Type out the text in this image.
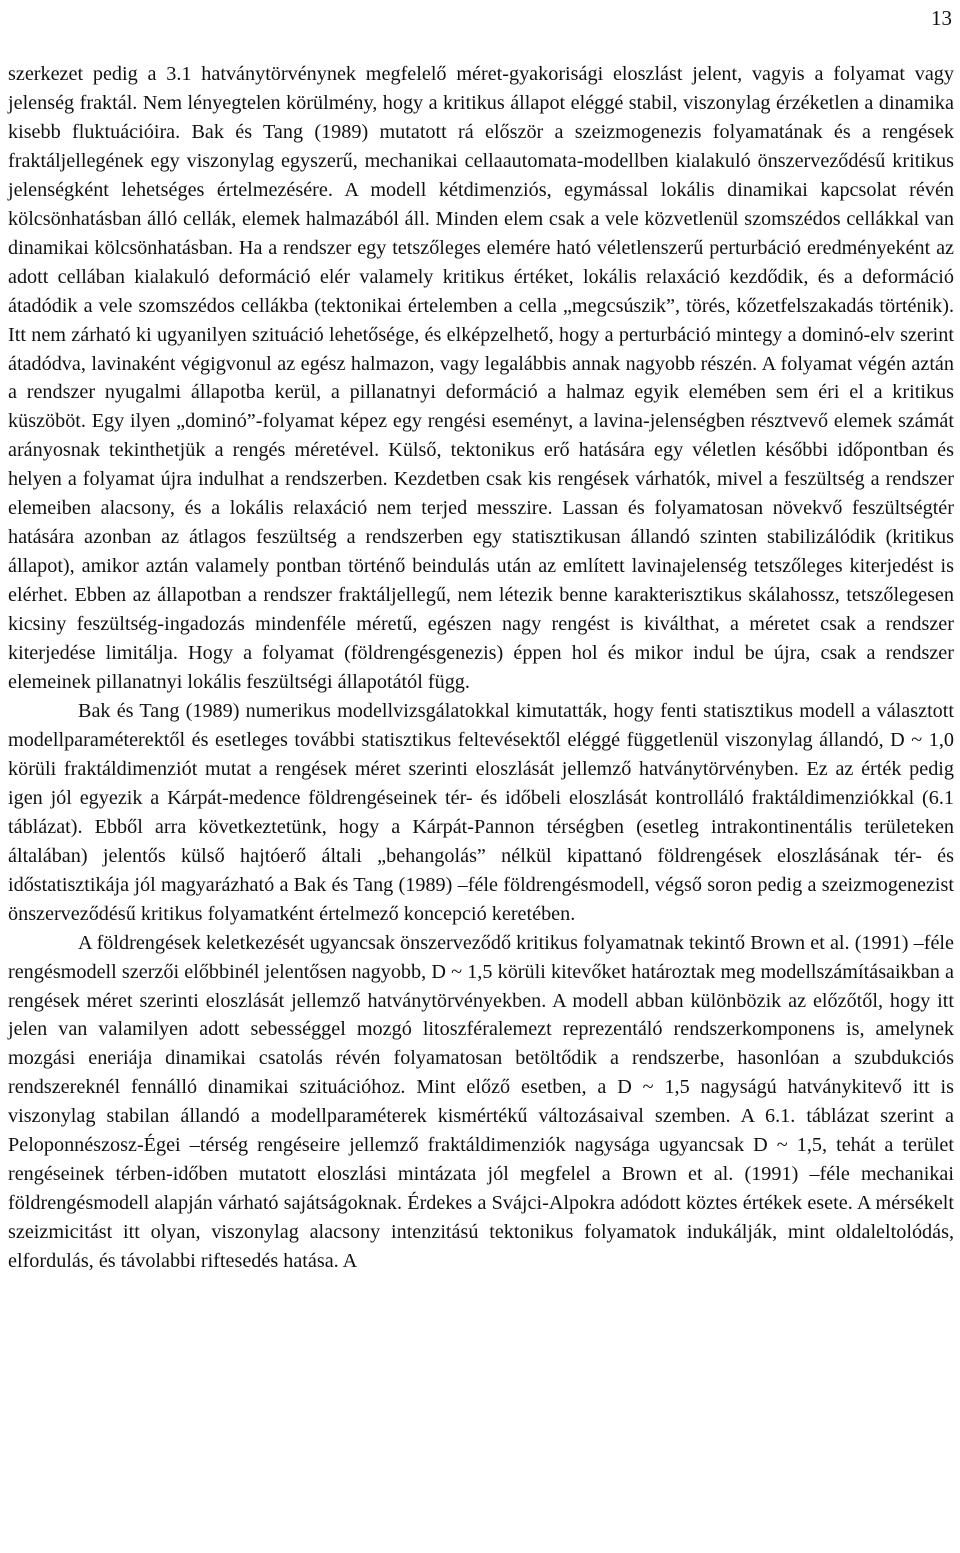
13

szerkezet pedig a 3.1 hatványtörvénynek megfelelő méret-gyakorisági eloszlást jelent, vagyis a folyamat vagy jelenség fraktál. Nem lényegtelen körülmény, hogy a kritikus állapot eléggé stabil, viszonylag érzéketlen a dinamika kisebb fluktuációira. Bak és Tang (1989) mutatott rá először a szeizmogenezis folyamatának és a rengések fraktáljellegének egy viszonylag egyszerű, mechanikai cellaautomata-modellben kialakuló önszerveződésű kritikus jelenségként lehetséges értelmezésére. A modell kétdimenziós, egymással lokális dinamikai kapcsolat révén kölcsönhatásban álló cellák, elemek halmazából áll. Minden elem csak a vele közvetlenül szomszédos cellákkal van dinamikai kölcsönhatásban. Ha a rendszer egy tetszőleges elemére ható véletlenszerű perturbáció eredményeként az adott cellában kialakuló deformáció elér valamely kritikus értéket, lokális relaxáció kezdődik, és a deformáció átadódik a vele szomszédos cellákba (tektonikai értelemben a cella „megcsúszik”, törés, kőzetfelszakadás történik). Itt nem zárható ki ugyanilyen szituáció lehetősége, és elképzelhető, hogy a perturbáció mintegy a dominó-elv szerint átadódva, lavinaként végigvonul az egész halmazon, vagy legalábbis annak nagyobb részén. A folyamat végén aztán a rendszer nyugalmi állapotba kerül, a pillanatnyi deformáció a halmaz egyik elemében sem éri el a kritikus küszöböt. Egy ilyen „dominó”-folyamat képez egy rengési eseményt, a lavina-jelenségben résztvevő elemek számát arányosnak tekinthetjük a rengés méretével. Külső, tektonikus erő hatására egy véletlen későbbi időpontban és helyen a folyamat újra indulhat a rendszerben. Kezdetben csak kis rengések várhatók, mivel a feszültség a rendszer elemeiben alacsony, és a lokális relaxáció nem terjed messzire. Lassan és folyamatosan növekvő feszültségtér hatására azonban az átlagos feszültség a rendszerben egy statisztikusan állandó szinten stabilizálódik (kritikus állapot), amikor aztán valamely pontban történő beindulás után az említett lavinajelenség tetszőleges kiterjedést is elérhet. Ebben az állapotban a rendszer fraktáljellegű, nem létezik benne karakterisztikus skálahossz, tetszőlegesen kicsiny feszültség-ingadozás mindenféle méretű, egészen nagy rengést is kiválthat, a méretet csak a rendszer kiterjedése limitálja. Hogy a folyamat (földrengésgenezis) éppen hol és mikor indul be újra, csak a rendszer elemeinek pillanatnyi lokális feszültségi állapotától függ.

Bak és Tang (1989) numerikus modellvizsgálatokkal kimutatták, hogy fenti statisztikus modell a választott modellparaméterektől és esetleges további statisztikus feltevésektől eléggé függetlenül viszonylag állandó, D ~ 1,0 körüli fraktáldimenziót mutat a rengések méret szerinti eloszlását jellemző hatványtörvényben. Ez az érték pedig igen jól egyezik a Kárpát-medence földrengéseinek tér- és időbeli eloszlását kontrolláló fraktáldimenziókkal (6.1 táblázat). Ebből arra következtetünk, hogy a Kárpát-Pannon térségben (esetleg intrakontinentális területeken általában) jelentős külső hajtóerő általi „behangolás” nélkül kipattanó földrengések eloszlásának tér- és időstatisztikája jól magyarázható a Bak és Tang (1989) –féle földrengésmodell, végső soron pedig a szeizmogenezist önszerveződésű kritikus folyamatként értelmező koncepció keretében.

A földrengések keletkezését ugyancsak önszerveződő kritikus folyamatnak tekintő Brown et al. (1991) –féle rengésmodell szerzői előbbinél jelentősen nagyobb, D ~ 1,5 körüli kitevőket határoztak meg modellszámításaikban a rengések méret szerinti eloszlását jellemző hatványtörvényekben. A modell abban különbözik az előzőtől, hogy itt jelen van valamilyen adott sebességgel mozgó litoszféralemezt reprezentáló rendszerkomponens is, amelynek mozgási eneriája dinamikai csatolás révén folyamatosan betöltődik a rendszerbe, hasonlóan a szubdukciós rendszereknél fennálló dinamikai szituációhoz. Mint előző esetben, a D ~ 1,5 nagyságú hatványkitevő itt is viszonylag stabilan állandó a modellparaméterek kismértékű változásaival szemben. A 6.1. táblázat szerint a Peloponnészosz-Égei –térség rengéseire jellemző fraktáldimenziók nagysága ugyancsak D ~ 1,5, tehát a terület rengéseinek térben-időben mutatott eloszlási mintázata jól megfelel a Brown et al. (1991) –féle mechanikai földrengésmodell alapján várható sajátságoknak. Érdekes a Svájci-Alpokra adódott köztes értékek esete. A mérsékelt szeizmicitást itt olyan, viszonylag alacsony intenzitású tektonikus folyamatok indukálják, mint oldaleltolódás, elfordulás, és távolabbi riftesedés hatása. A
